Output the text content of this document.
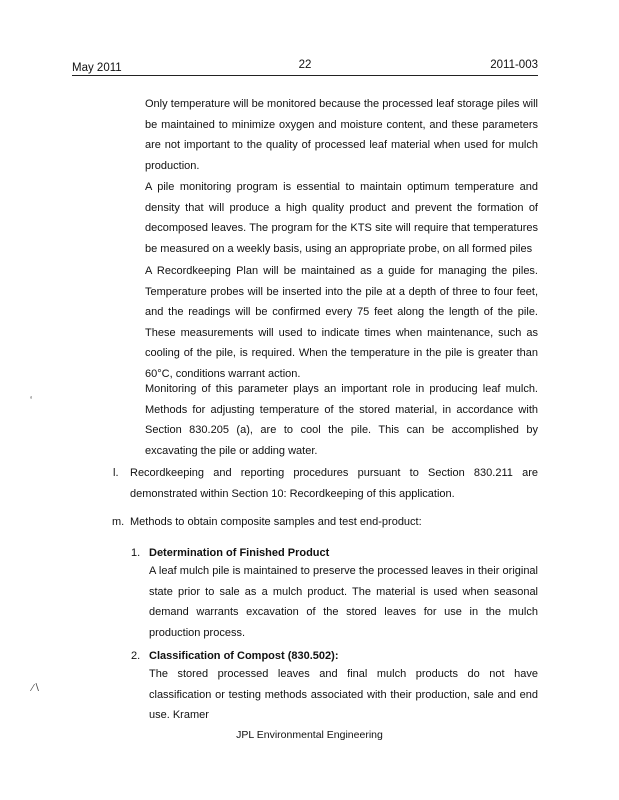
May 2011	22	2011-003
Only temperature will be monitored because the processed leaf storage piles will be maintained to minimize oxygen and moisture content, and these parameters are not important to the quality of processed leaf material when used for mulch production.
A pile monitoring program is essential to maintain optimum temperature and density that will produce a high quality product and prevent the formation of decomposed leaves. The program for the KTS site will require that temperatures be measured on a weekly basis, using an appropriate probe, on all formed piles
A Recordkeeping Plan will be maintained as a guide for managing the piles. Temperature probes will be inserted into the pile at a depth of three to four feet, and the readings will be confirmed every 75 feet along the length of the pile. These measurements will used to indicate times when maintenance, such as cooling of the pile, is required. When the temperature in the pile is greater than 60°C, conditions warrant action.
Monitoring of this parameter plays an important role in producing leaf mulch. Methods for adjusting temperature of the stored material, in accordance with Section 830.205 (a), are to cool the pile. This can be accomplished by excavating the pile or adding water.
l. Recordkeeping and reporting procedures pursuant to Section 830.211 are demonstrated within Section 10: Recordkeeping of this application.
m. Methods to obtain composite samples and test end-product:
1. Determination of Finished Product
A leaf mulch pile is maintained to preserve the processed leaves in their original state prior to sale as a mulch product. The material is used when seasonal demand warrants excavation of the stored leaves for use in the mulch production process.
2. Classification of Compost (830.502):
The stored processed leaves and final mulch products do not have classification or testing methods associated with their production, sale and end use. Kramer
‘
⁄∖
JPL Environmental Engineering
